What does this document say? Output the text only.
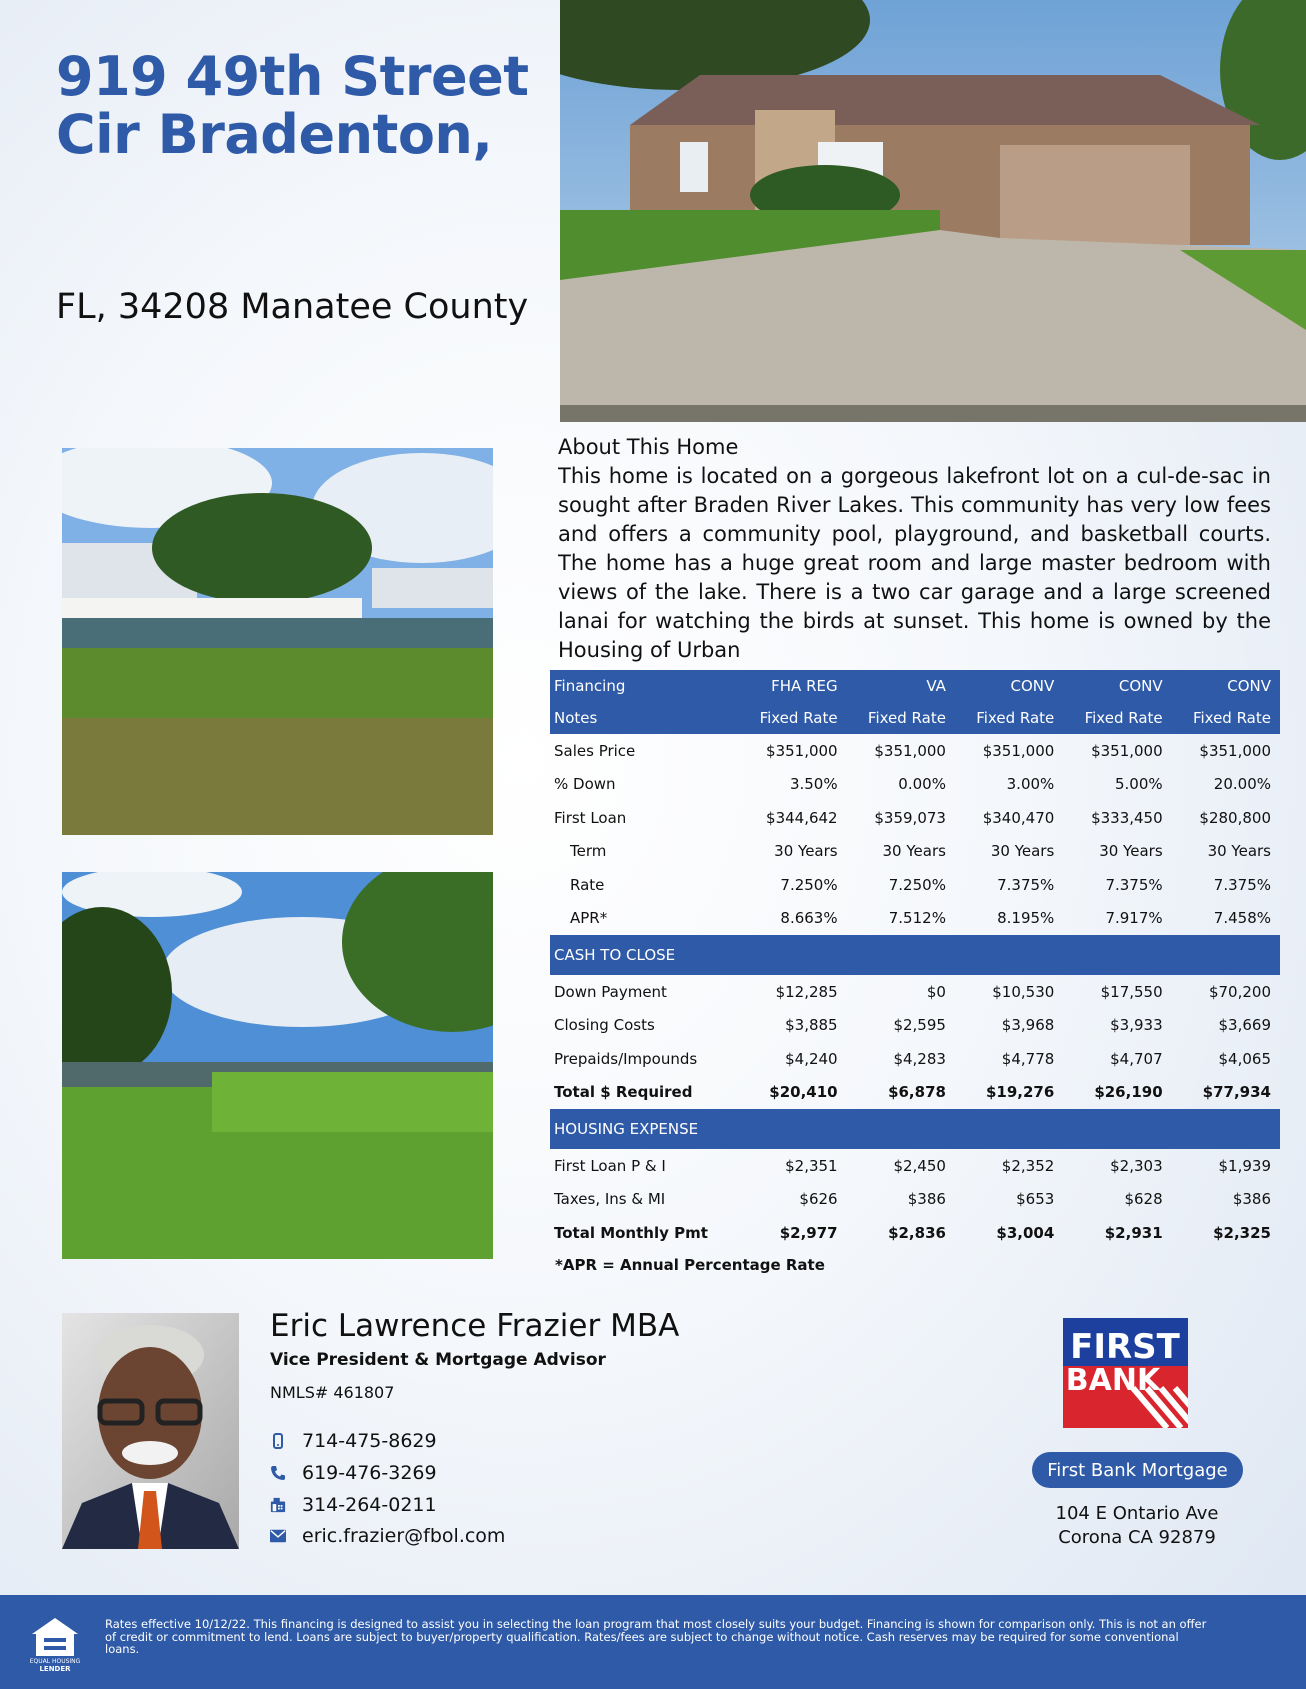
919 49th Street Cir Bradenton,
FL, 34208 Manatee County
About This Home
This home is located on a gorgeous lakefront lot on a cul-de-sac in sought after Braden River Lakes. This community has very low fees and offers a community pool, playground, and basketball courts. The home has a huge great room and large master bedroom with views of the lake. There is a two car garage and a large screened lanai for watching the birds at sunset. This home is owned by the Housing of Urban
Financing	FHA REG	VA	CONV	CONV	CONV
Notes	Fixed Rate	Fixed Rate	Fixed Rate	Fixed Rate	Fixed Rate
Sales Price	$351,000	$351,000	$351,000	$351,000	$351,000
% Down	3.50%	0.00%	3.00%	5.00%	20.00%
First Loan	$344,642	$359,073	$340,470	$333,450	$280,800
Term	30 Years	30 Years	30 Years	30 Years	30 Years
Rate	7.250%	7.250%	7.375%	7.375%	7.375%
APR*	8.663%	7.512%	8.195%	7.917%	7.458%
CASH TO CLOSE					
Down Payment	$12,285	$0	$10,530	$17,550	$70,200
Closing Costs	$3,885	$2,595	$3,968	$3,933	$3,669
Prepaids/Impounds	$4,240	$4,283	$4,778	$4,707	$4,065
Total $ Required	$20,410	$6,878	$19,276	$26,190	$77,934
HOUSING EXPENSE					
First Loan P & I	$2,351	$2,450	$2,352	$2,303	$1,939
Taxes, Ins & MI	$626	$386	$653	$628	$386
Total Monthly Pmt	$2,977	$2,836	$3,004	$2,931	$2,325
*APR = Annual Percentage Rate
Eric Lawrence Frazier MBA
Vice President & Mortgage Advisor
NMLS# 461807
714-475-8629
619-476-3269
314-264-0211
eric.frazier@fbol.com
FIRST
BANK
First Bank Mortgage
104 E Ontario Ave
Corona CA 92879
EQUAL HOUSING
LENDER
Rates effective 10/12/22. This financing is designed to assist you in selecting the loan program that most closely suits your budget. Financing is shown for comparison only. This is not an offer of credit or commitment to lend. Loans are subject to buyer/property qualification. Rates/fees are subject to change without notice. Cash reserves may be required for some conventional loans.
